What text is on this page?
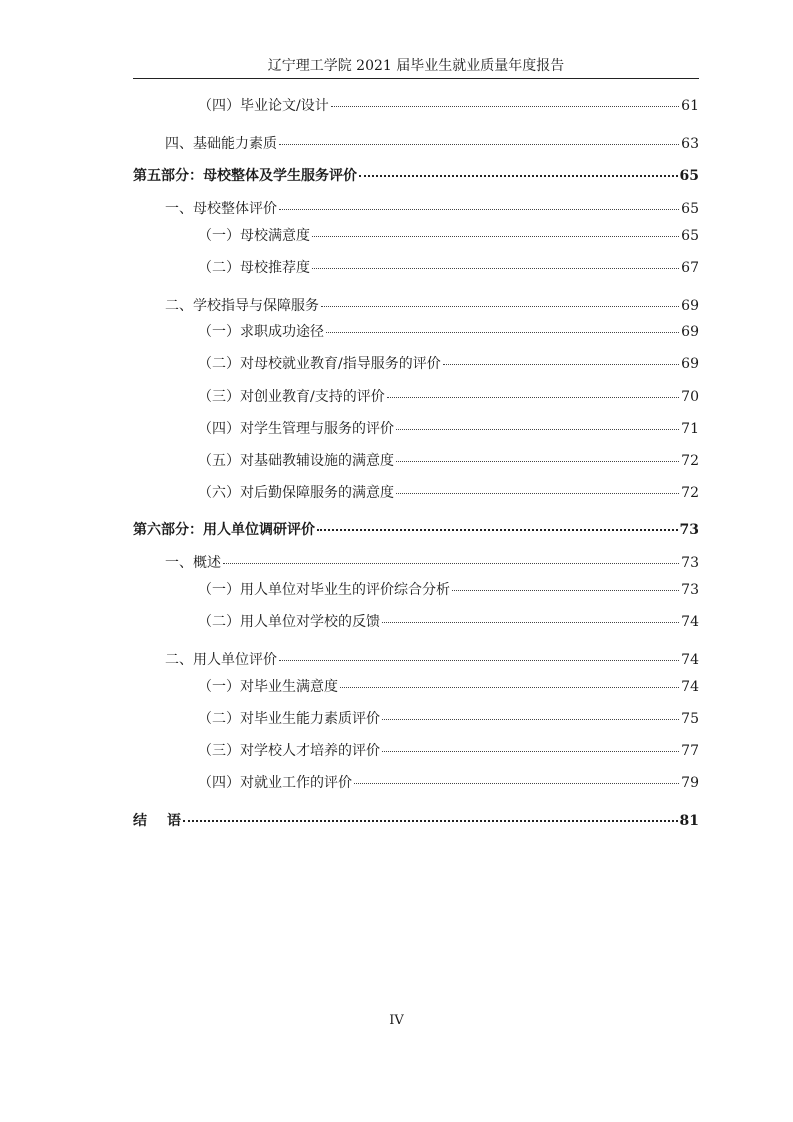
辽宁理工学院 2021 届毕业生就业质量年度报告
（四）毕业论文/设计	61
四、基础能力素质	63
第五部分：母校整体及学生服务评价	65
一、母校整体评价	65
（一）母校满意度	65
（二）母校推荐度	67
二、学校指导与保障服务	69
（一）求职成功途径	69
（二）对母校就业教育/指导服务的评价	69
（三）对创业教育/支持的评价	70
（四）对学生管理与服务的评价	71
（五）对基础教辅设施的满意度	72
（六）对后勤保障服务的满意度	72
第六部分：用人单位调研评价	73
一、概述	73
（一）用人单位对毕业生的评价综合分析	73
（二）用人单位对学校的反馈	74
二、用人单位评价	74
（一）对毕业生满意度	74
（二）对毕业生能力素质评价	75
（三）对学校人才培养的评价	77
（四）对就业工作的评价	79
结 语	81
IV
